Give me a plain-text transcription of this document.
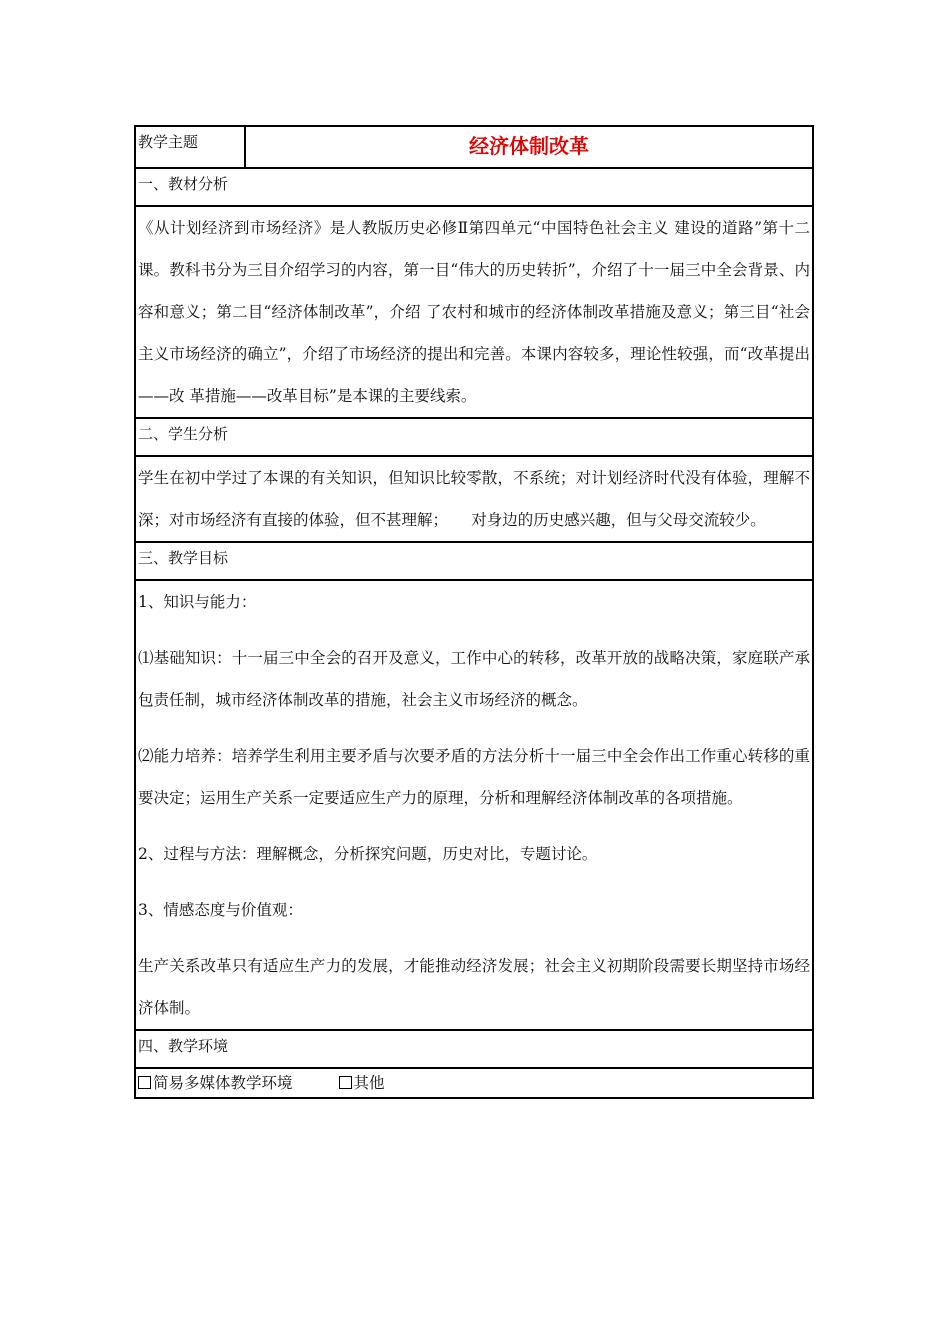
教学主题	经济体制改革
一、教材分析

《从计划经济到市场经济》是人教版历史必修Ⅱ第四单元“中国特色社会主义 建设的道路”第十二课。教科书分为三目介绍学习的内容，第一目“伟大的历史转折”，介绍了十一届三中全会背景、内容和意义；第二目“经济体制改革”，介绍 了农村和城市的经济体制改革措施及意义；第三目“社会主义市场经济的确立”，介绍了市场经济的提出和完善。本课内容较多，理论性较强，而“改革提出——改 革措施——改革目标”是本课的主要线索。

二、学生分析

学生在初中学过了本课的有关知识，但知识比较零散，不系统；对计划经济时代没有体验，理解不深；对市场经济有直接的体验，但不甚理解；　　对身边的历史感兴趣，但与父母交流较少。

三、教学目标

1、知识与能力：

⑴基础知识：十一届三中全会的召开及意义，工作中心的转移，改革开放的战略决策，家庭联产承包责任制，城市经济体制改革的措施，社会主义市场经济的概念。

⑵能力培养：培养学生利用主要矛盾与次要矛盾的方法分析十一届三中全会作出工作重心转移的重要决定；运用生产关系一定要适应生产力的原理，分析和理解经济体制改革的各项措施。

2、过程与方法：理解概念，分析探究问题，历史对比，专题讨论。

3、情感态度与价值观：

生产关系改革只有适应生产力的发展，才能推动经济发展；社会主义初期阶段需要长期坚持市场经济体制。

四、教学环境
简易多媒体教学环境	其他
